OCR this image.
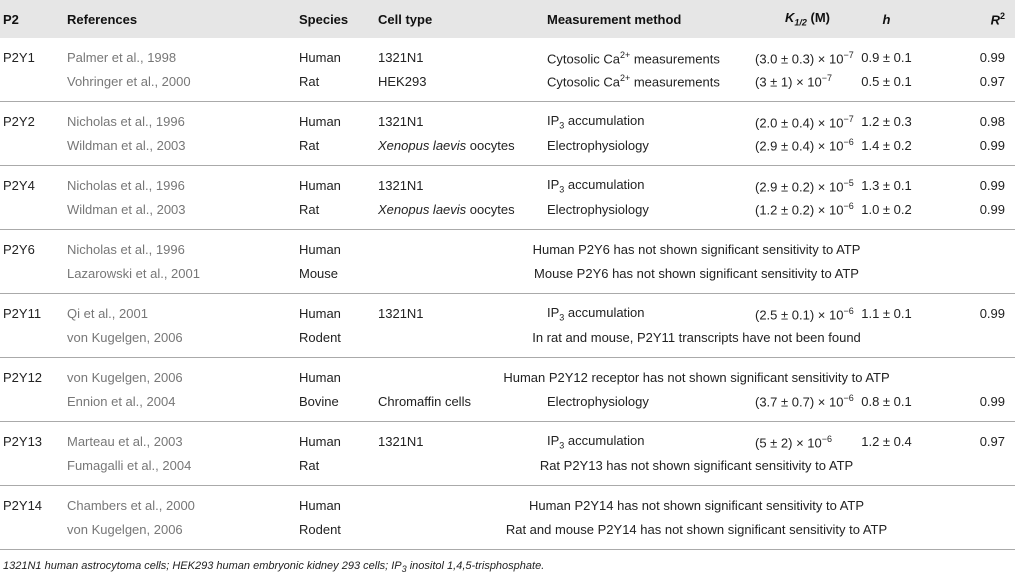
P2	References	Species	Cell type	Measurement method	$K_{1/2}$ (M)	h	$R^2$
P2Y1	Palmer et al., 1998	Human	1321N1	Cytosolic $Ca^{2+}$ measurements	$(3.0 \pm 0.3) \times 10^{-7}$	0.9 ± 0.1	0.99
	Vohringer et al., 2000	Rat	HEK293	Cytosolic $Ca^{2+}$ measurements	$(3 \pm 1) \times 10^{-7}$	0.5 ± 0.1	0.97
P2Y2	Nicholas et al., 1996	Human	1321N1	$IP_3$ accumulation	$(2.0 \pm 0.4) \times 10^{-7}$	1.2 ± 0.3	0.98
	Wildman et al., 2003	Rat	Xenopus laevis oocytes	Electrophysiology	$(2.9 \pm 0.4) \times 10^{-6}$	1.4 ± 0.2	0.99
P2Y4	Nicholas et al., 1996	Human	1321N1	$IP_3$ accumulation	$(2.9 \pm 0.2) \times 10^{-5}$	1.3 ± 0.1	0.99
	Wildman et al., 2003	Rat	Xenopus laevis oocytes	Electrophysiology	$(1.2 \pm 0.2) \times 10^{-6}$	1.0 ± 0.2	0.99
P2Y6	Nicholas et al., 1996	Human	Human P2Y6 has not shown significant sensitivity to ATP				
	Lazarowski et al., 2001	Mouse	Mouse P2Y6 has not shown significant sensitivity to ATP				
P2Y11	Qi et al., 2001	Human	1321N1	$IP_3$ accumulation	$(2.5 \pm 0.1) \times 10^{-6}$	1.1 ± 0.1	0.99
	von Kugelgen, 2006	Rodent	In rat and mouse, P2Y11 transcripts have not been found				
P2Y12	von Kugelgen, 2006	Human	Human P2Y12 receptor has not shown significant sensitivity to ATP				
	Ennion et al., 2004	Bovine	Chromaffin cells	Electrophysiology	$(3.7 \pm 0.7) \times 10^{-6}$	0.8 ± 0.1	0.99
P2Y13	Marteau et al., 2003	Human	1321N1	$IP_3$ accumulation	$(5 \pm 2) \times 10^{-6}$	1.2 ± 0.4	0.97
	Fumagalli et al., 2004	Rat	Rat P2Y13 has not shown significant sensitivity to ATP				
P2Y14	Chambers et al., 2000	Human	Human P2Y14 has not shown significant sensitivity to ATP				
	von Kugelgen, 2006	Rodent	Rat and mouse P2Y14 has not shown significant sensitivity to ATP				
1321N1 human astrocytoma cells; HEK293 human embryonic kidney 293 cells; $IP_3$ inositol 1,4,5-trisphosphate.
